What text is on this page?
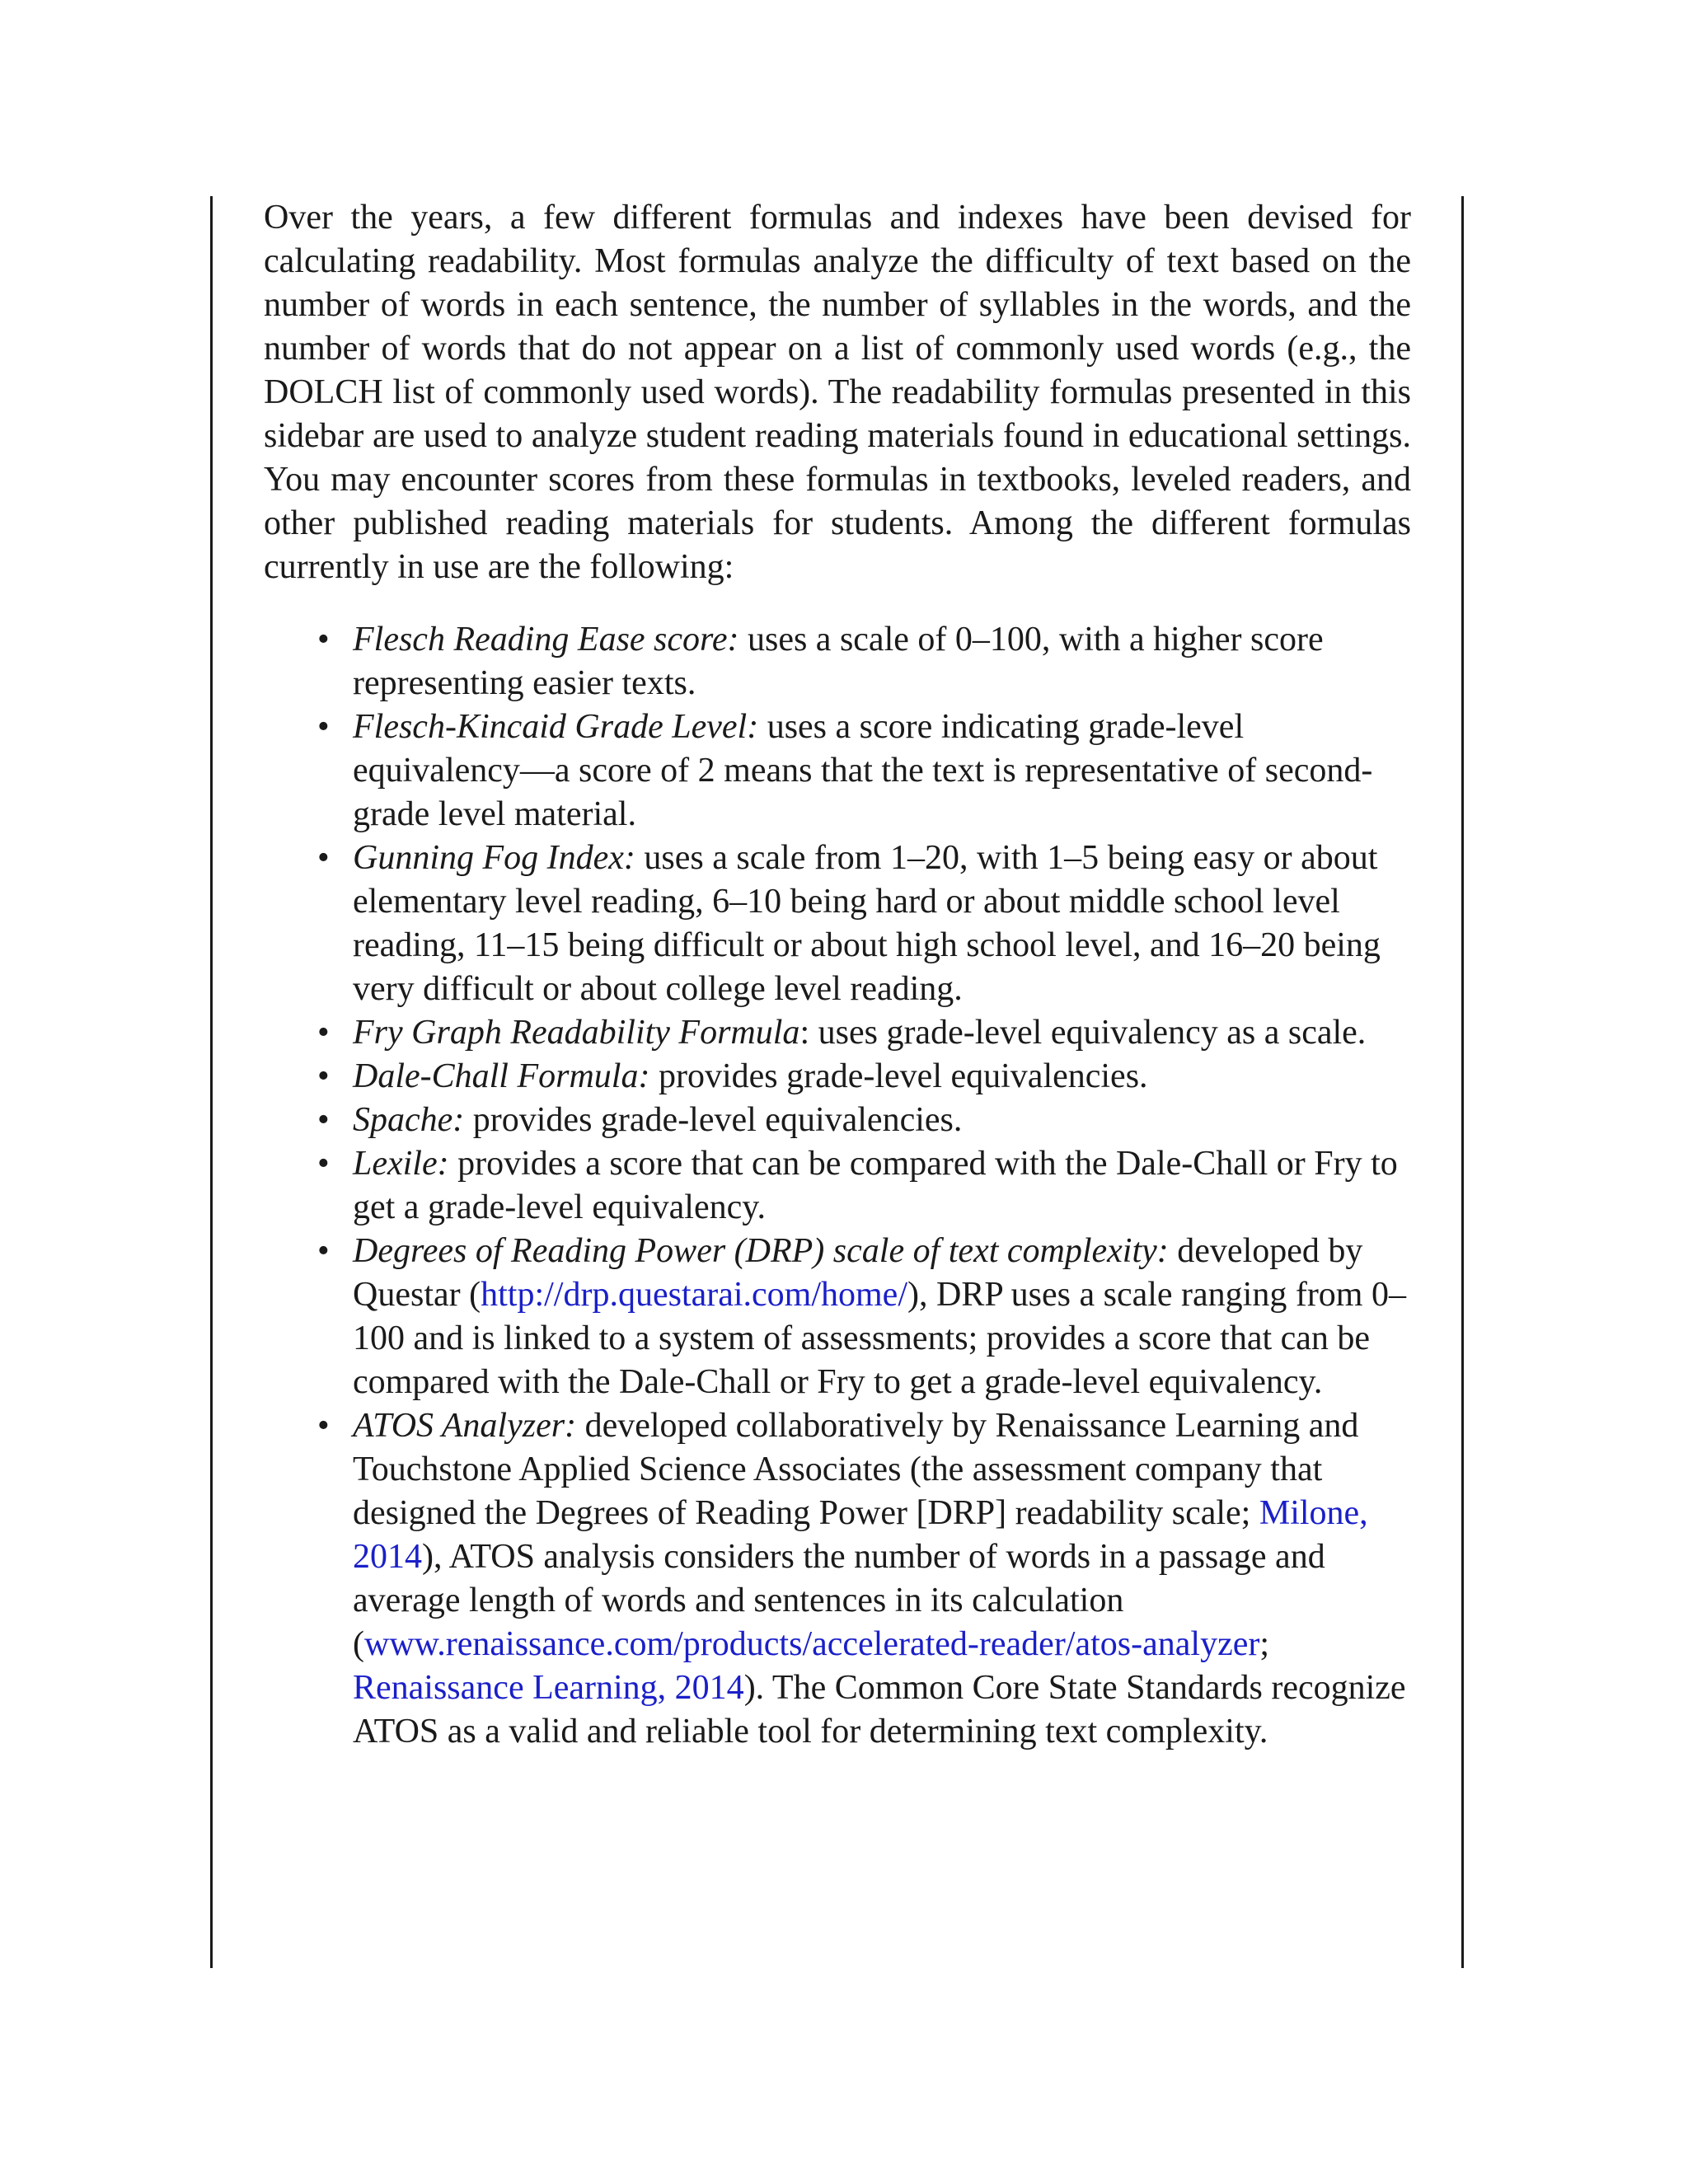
Over the years, a few different formulas and indexes have been devised for calculating readability. Most formulas analyze the difficulty of text based on the number of words in each sentence, the number of syllables in the words, and the number of words that do not appear on a list of commonly used words (e.g., the DOLCH list of commonly used words). The readability formulas presented in this sidebar are used to analyze student reading materials found in educational settings. You may encounter scores from these formulas in textbooks, leveled readers, and other published reading materials for students. Among the different formulas currently in use are the following:

• Flesch Reading Ease score: uses a scale of 0–100, with a higher score representing easier texts.
• Flesch-Kincaid Grade Level: uses a score indicating grade-level equivalency—a score of 2 means that the text is representative of second-grade level material.
• Gunning Fog Index: uses a scale from 1–20, with 1–5 being easy or about elementary level reading, 6–10 being hard or about middle school level reading, 11–15 being difficult or about high school level, and 16–20 being very difficult or about college level reading.
• Fry Graph Readability Formula: uses grade-level equivalency as a scale.
• Dale-Chall Formula: provides grade-level equivalencies.
• Spache: provides grade-level equivalencies.
• Lexile: provides a score that can be compared with the Dale-Chall or Fry to get a grade-level equivalency.
• Degrees of Reading Power (DRP) scale of text complexity: developed by Questar (http://drp.questarai.com/home/), DRP uses a scale ranging from 0–100 and is linked to a system of assessments; provides a score that can be compared with the Dale-Chall or Fry to get a grade-level equivalency.
• ATOS Analyzer: developed collaboratively by Renaissance Learning and Touchstone Applied Science Associates (the assessment company that designed the Degrees of Reading Power [DRP] readability scale; Milone, 2014), ATOS analysis considers the number of words in a passage and average length of words and sentences in its calculation (www.renaissance.com/products/accelerated-reader/atos-analyzer; Renaissance Learning, 2014). The Common Core State Standards recognize ATOS as a valid and reliable tool for determining text complexity.
